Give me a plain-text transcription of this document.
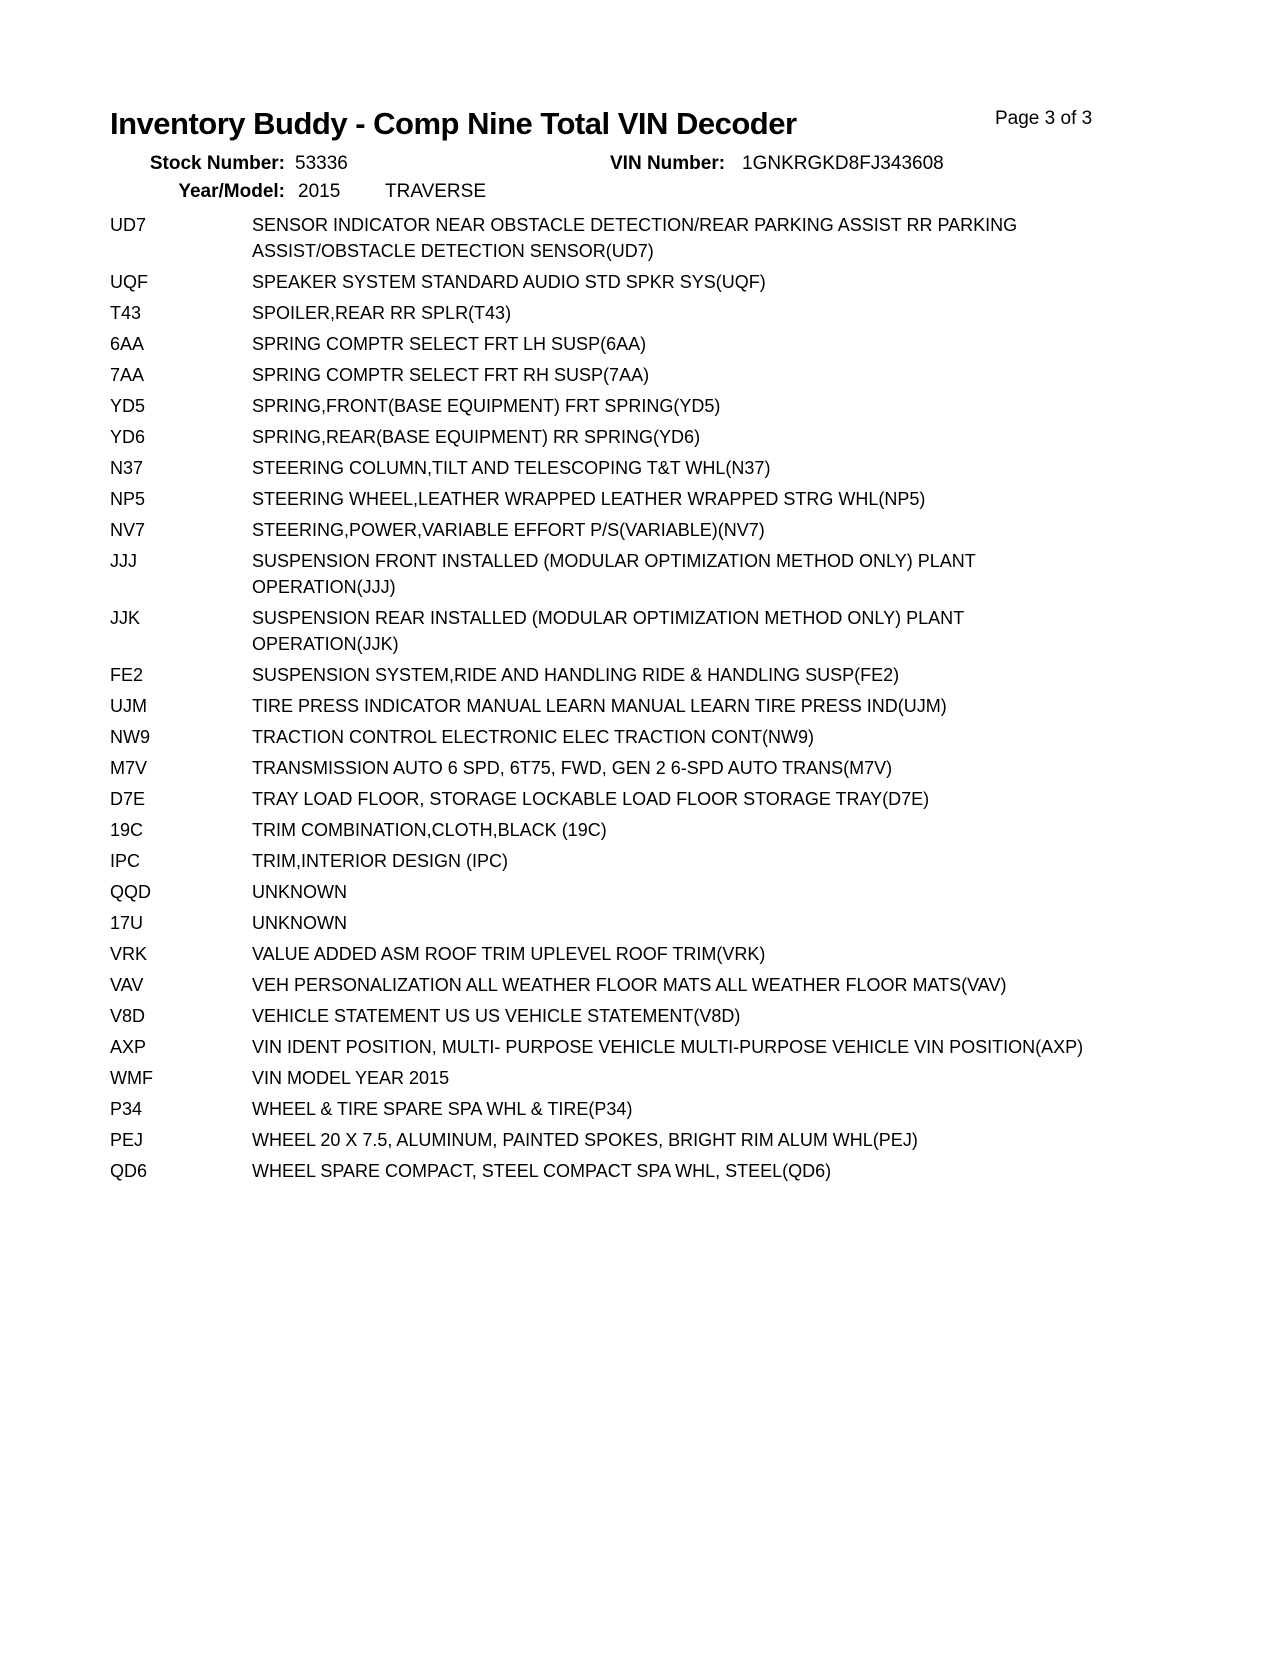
Inventory Buddy - Comp Nine Total VIN Decoder	Page 3 of 3
Stock Number: 53336	VIN Number: 1GNKRGKD8FJ343608
Year/Model: 2015 TRAVERSE
UD7	SENSOR INDICATOR NEAR OBSTACLE DETECTION/REAR PARKING ASSIST RR PARKING ASSIST/OBSTACLE DETECTION SENSOR(UD7)
UQF	SPEAKER SYSTEM STANDARD AUDIO STD SPKR SYS(UQF)
T43	SPOILER,REAR RR SPLR(T43)
6AA	SPRING COMPTR SELECT FRT LH SUSP(6AA)
7AA	SPRING COMPTR SELECT FRT RH SUSP(7AA)
YD5	SPRING,FRONT(BASE EQUIPMENT) FRT SPRING(YD5)
YD6	SPRING,REAR(BASE EQUIPMENT) RR SPRING(YD6)
N37	STEERING COLUMN,TILT AND TELESCOPING T&T WHL(N37)
NP5	STEERING WHEEL,LEATHER WRAPPED LEATHER WRAPPED STRG WHL(NP5)
NV7	STEERING,POWER,VARIABLE EFFORT P/S(VARIABLE)(NV7)
JJJ	SUSPENSION FRONT INSTALLED (MODULAR OPTIMIZATION METHOD ONLY) PLANT OPERATION(JJJ)
JJK	SUSPENSION REAR INSTALLED (MODULAR OPTIMIZATION METHOD ONLY) PLANT OPERATION(JJK)
FE2	SUSPENSION SYSTEM,RIDE AND HANDLING RIDE & HANDLING SUSP(FE2)
UJM	TIRE PRESS INDICATOR MANUAL LEARN MANUAL LEARN TIRE PRESS IND(UJM)
NW9	TRACTION CONTROL ELECTRONIC ELEC TRACTION CONT(NW9)
M7V	TRANSMISSION AUTO 6 SPD, 6T75, FWD, GEN 2 6-SPD AUTO TRANS(M7V)
D7E	TRAY LOAD FLOOR, STORAGE LOCKABLE LOAD FLOOR STORAGE TRAY(D7E)
19C	TRIM COMBINATION,CLOTH,BLACK (19C)
IPC	TRIM,INTERIOR DESIGN (IPC)
QQD	UNKNOWN
17U	UNKNOWN
VRK	VALUE ADDED ASM ROOF TRIM UPLEVEL ROOF TRIM(VRK)
VAV	VEH PERSONALIZATION ALL WEATHER FLOOR MATS ALL WEATHER FLOOR MATS(VAV)
V8D	VEHICLE STATEMENT US US VEHICLE STATEMENT(V8D)
AXP	VIN IDENT POSITION, MULTI- PURPOSE VEHICLE MULTI-PURPOSE VEHICLE VIN POSITION(AXP)
WMF	VIN MODEL YEAR 2015
P34	WHEEL & TIRE SPARE SPA WHL & TIRE(P34)
PEJ	WHEEL 20 X 7.5, ALUMINUM, PAINTED SPOKES, BRIGHT RIM ALUM WHL(PEJ)
QD6	WHEEL SPARE COMPACT, STEEL COMPACT SPA WHL, STEEL(QD6)
